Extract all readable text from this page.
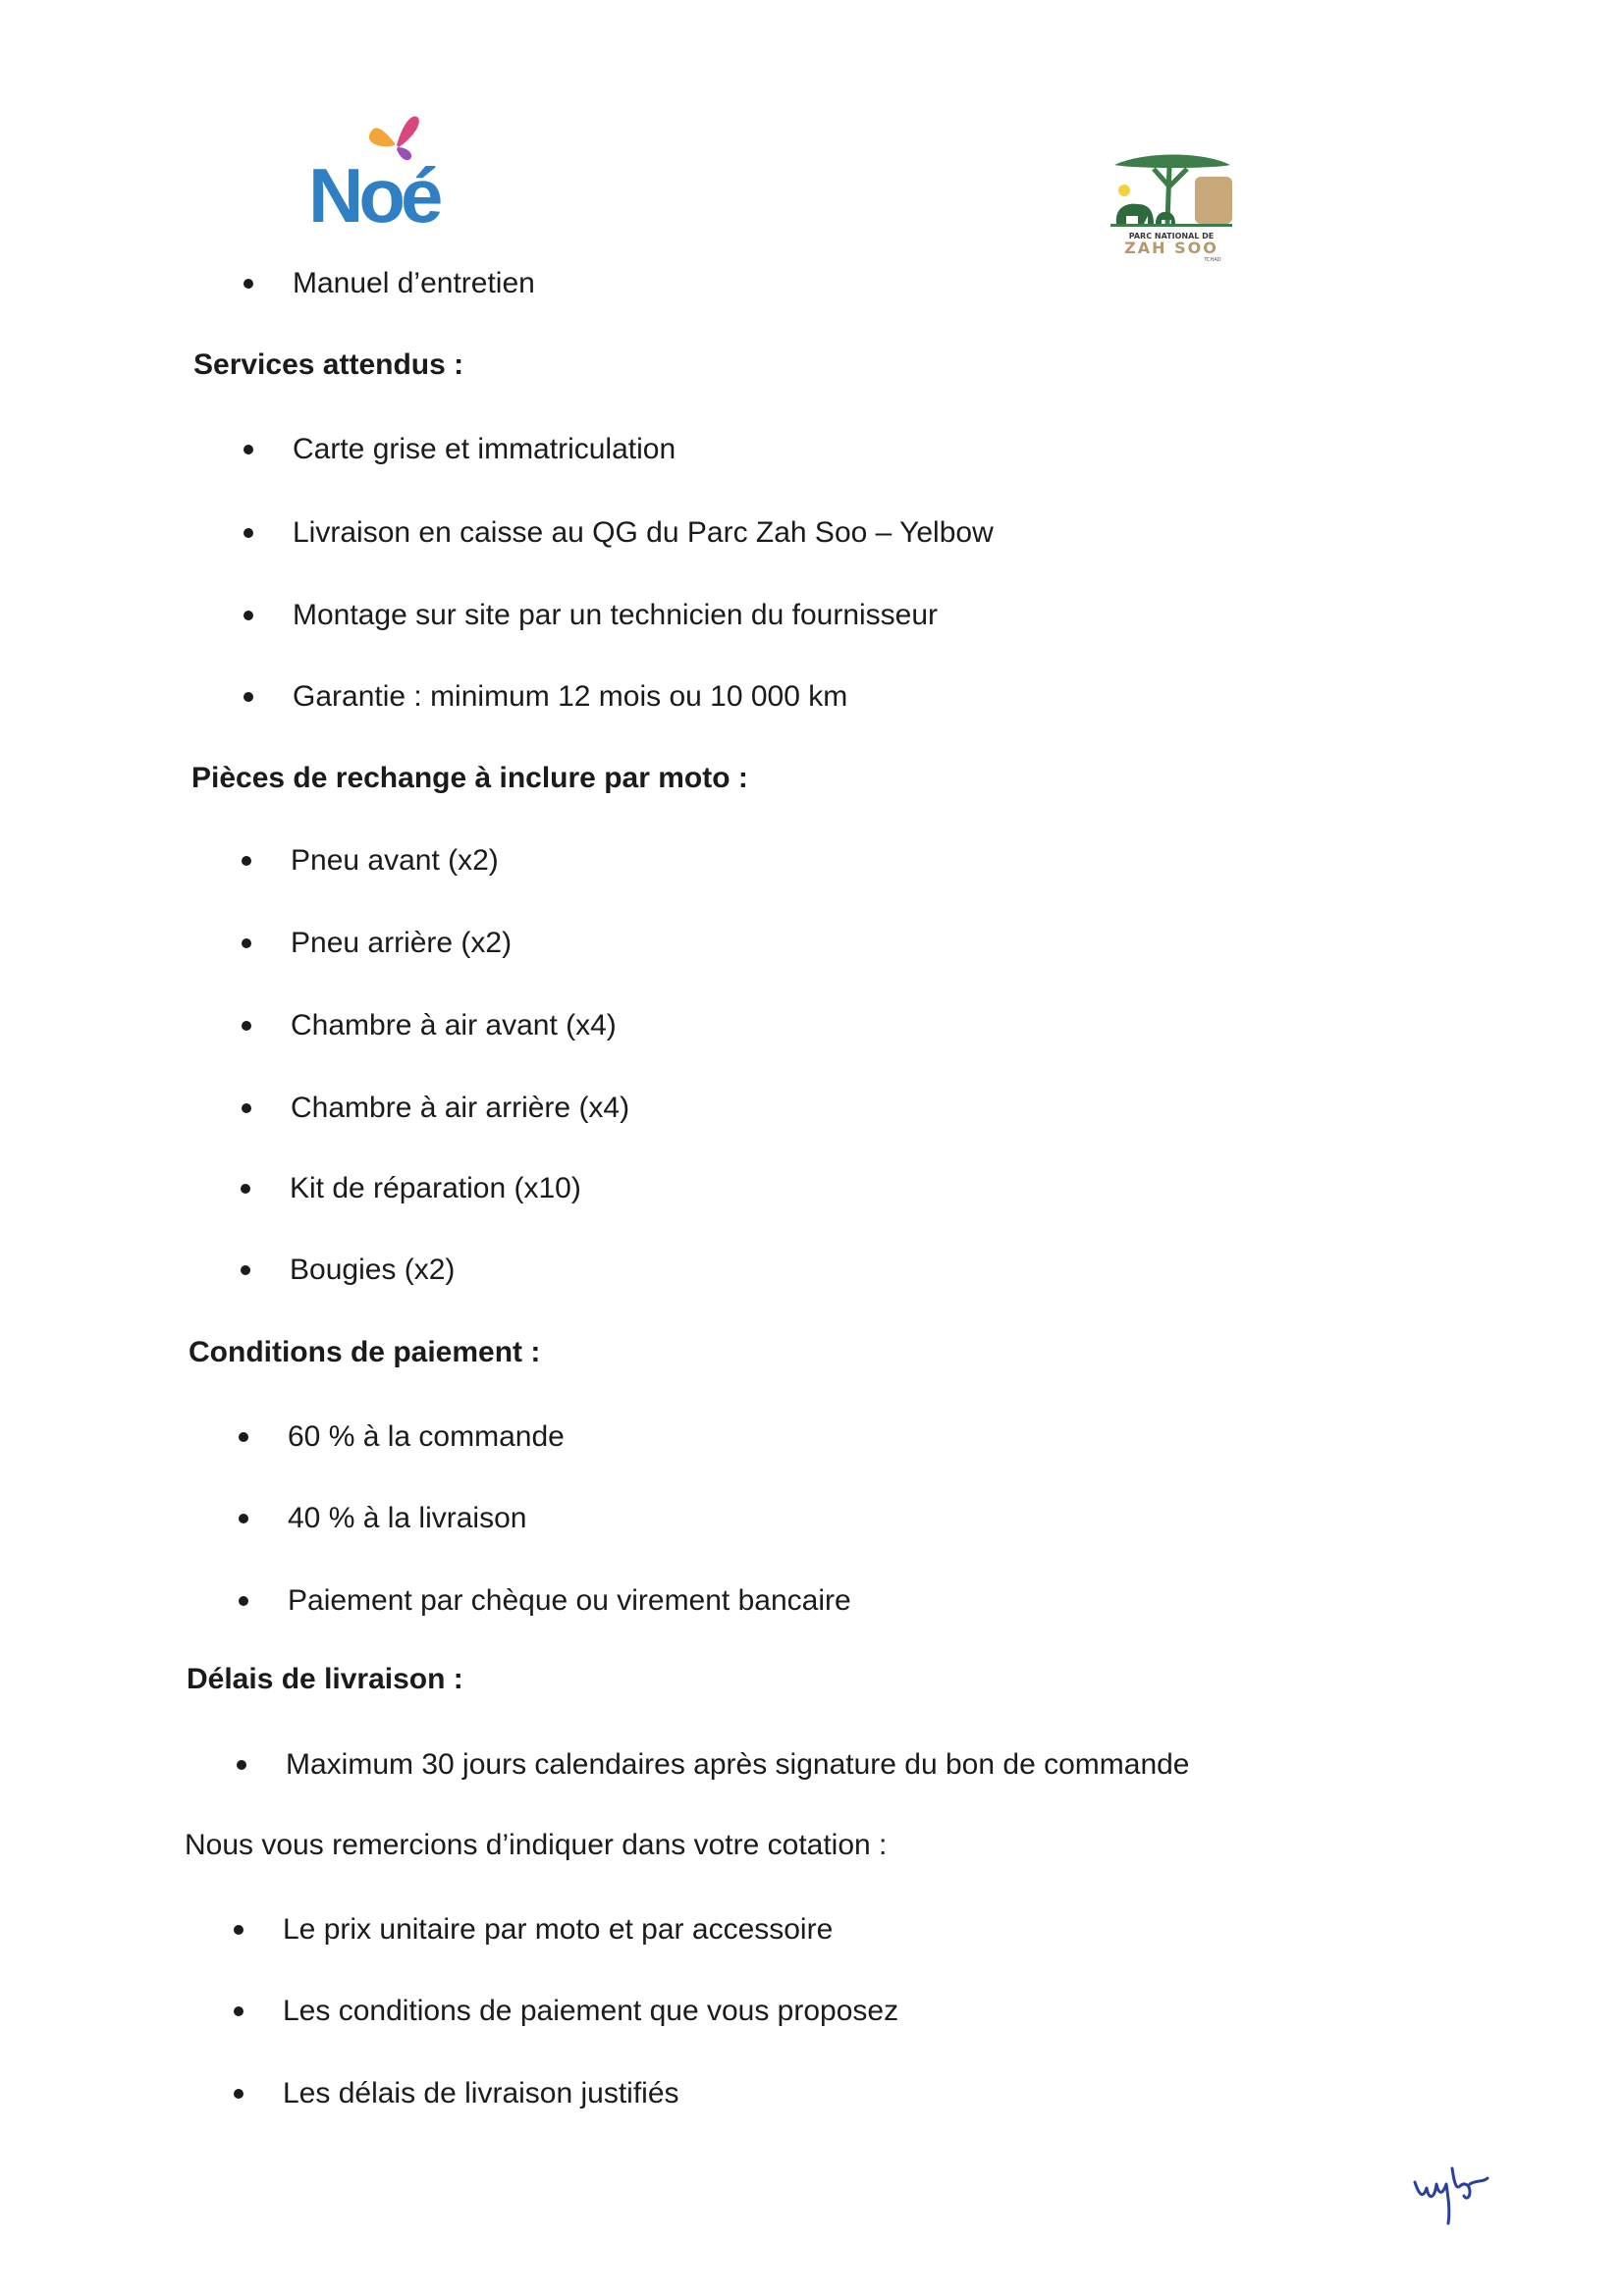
Noé	PARC NATIONAL DE
ZAH SOO
TCHAD
Manuel d’entretien
Services attendus :
Carte grise et immatriculation
Livraison en caisse au QG du Parc Zah Soo – Yelbow
Montage sur site par un technicien du fournisseur
Garantie : minimum 12 mois ou 10 000 km
Pièces de rechange à inclure par moto :
Pneu avant (x2)
Pneu arrière (x2)
Chambre à air avant (x4)
Chambre à air arrière (x4)
Kit de réparation (x10)
Bougies (x2)
Conditions de paiement :
60 % à la commande
40 % à la livraison
Paiement par chèque ou virement bancaire
Délais de livraison :
Maximum 30 jours calendaires après signature du bon de commande
Nous vous remercions d’indiquer dans votre cotation :
Le prix unitaire par moto et par accessoire
Les conditions de paiement que vous proposez
Les délais de livraison justifiés
